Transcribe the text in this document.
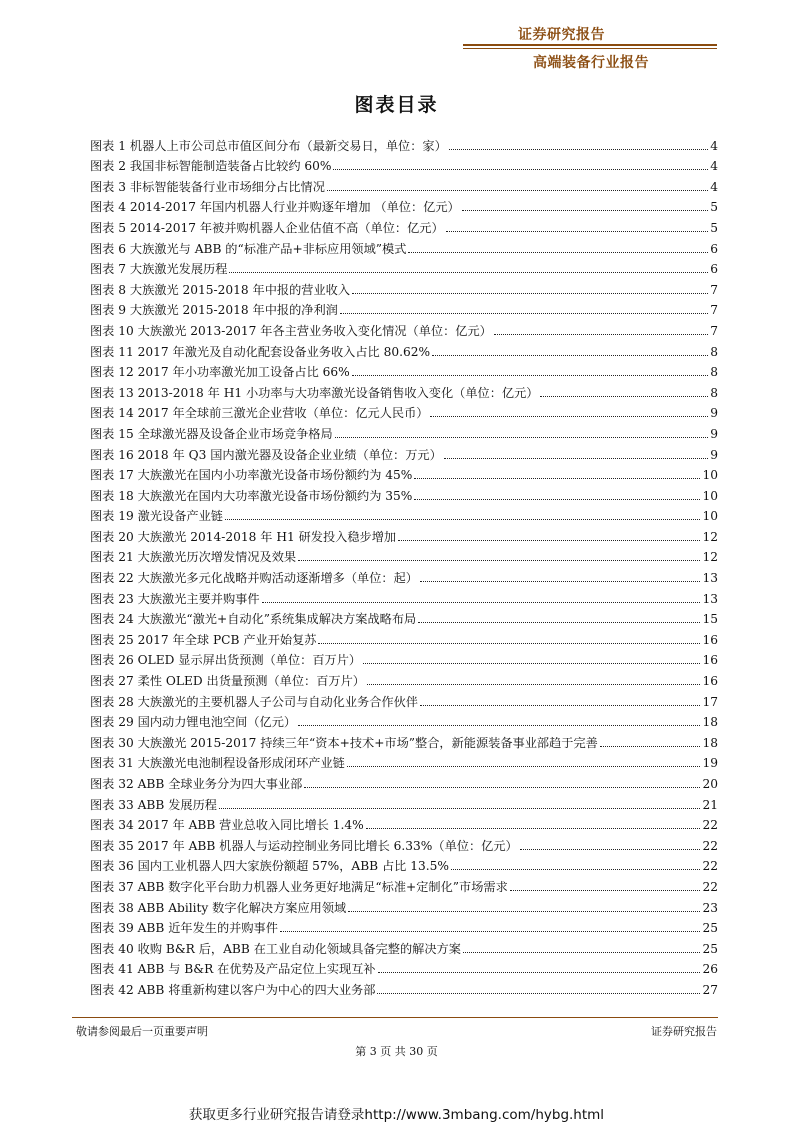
证券研究报告
高端装备行业报告
图表目录
图表 1 机器人上市公司总市值区间分布（最新交易日，单位：家）	4
图表 2 我国非标智能制造装备占比较约 60%	4
图表 3 非标智能装备行业市场细分占比情况	4
图表 4 2014-2017 年国内机器人行业并购逐年增加 （单位：亿元）	5
图表 5 2014-2017 年被并购机器人企业估值不高（单位：亿元）	5
图表 6 大族激光与 ABB 的“标准产品+非标应用领域”模式	6
图表 7 大族激光发展历程	6
图表 8 大族激光 2015-2018 年中报的营业收入	7
图表 9 大族激光 2015-2018 年中报的净利润	7
图表 10 大族激光 2013-2017 年各主营业务收入变化情况（单位：亿元）	7
图表 11 2017 年激光及自动化配套设备业务收入占比 80.62%	8
图表 12 2017 年小功率激光加工设备占比 66%	8
图表 13 2013-2018 年 H1 小功率与大功率激光设备销售收入变化（单位：亿元）	8
图表 14 2017 年全球前三激光企业营收（单位：亿元人民币）	9
图表 15 全球激光器及设备企业市场竞争格局	9
图表 16 2018 年 Q3 国内激光器及设备企业业绩（单位：万元）	9
图表 17 大族激光在国内小功率激光设备市场份额约为 45%	10
图表 18 大族激光在国内大功率激光设备市场份额约为 35%	10
图表 19 激光设备产业链	10
图表 20 大族激光 2014-2018 年 H1 研发投入稳步增加	12
图表 21 大族激光历次增发情况及效果	12
图表 22 大族激光多元化战略并购活动逐渐增多（单位：起）	13
图表 23 大族激光主要并购事件	13
图表 24 大族激光“激光+自动化”系统集成解决方案战略布局	15
图表 25 2017 年全球 PCB 产业开始复苏	16
图表 26 OLED 显示屏出货预测（单位：百万片）	16
图表 27 柔性 OLED 出货量预测（单位：百万片）	16
图表 28 大族激光的主要机器人子公司与自动化业务合作伙伴	17
图表 29 国内动力锂电池空间（亿元）	18
图表 30 大族激光 2015-2017 持续三年“资本+技术+市场”整合，新能源装备事业部趋于完善	18
图表 31 大族激光电池制程设备形成闭环产业链	19
图表 32 ABB 全球业务分为四大事业部	20
图表 33 ABB 发展历程	21
图表 34 2017 年 ABB 营业总收入同比增长 1.4%	22
图表 35 2017 年 ABB 机器人与运动控制业务同比增长 6.33%（单位：亿元）	22
图表 36 国内工业机器人四大家族份额超 57%，ABB 占比 13.5%	22
图表 37 ABB 数字化平台助力机器人业务更好地满足“标准+定制化”市场需求	22
图表 38 ABB Ability 数字化解决方案应用领域	23
图表 39 ABB 近年发生的并购事件	25
图表 40 收购 B&R 后，ABB 在工业自动化领域具备完整的解决方案	25
图表 41 ABB 与 B&R 在优势及产品定位上实现互补	26
图表 42 ABB 将重新构建以客户为中心的四大业务部	27
敬请参阅最后一页重要声明	证券研究报告
第 3 页 共 30 页
获取更多行业研究报告请登录http://www.3mbang.com/hybg.html
